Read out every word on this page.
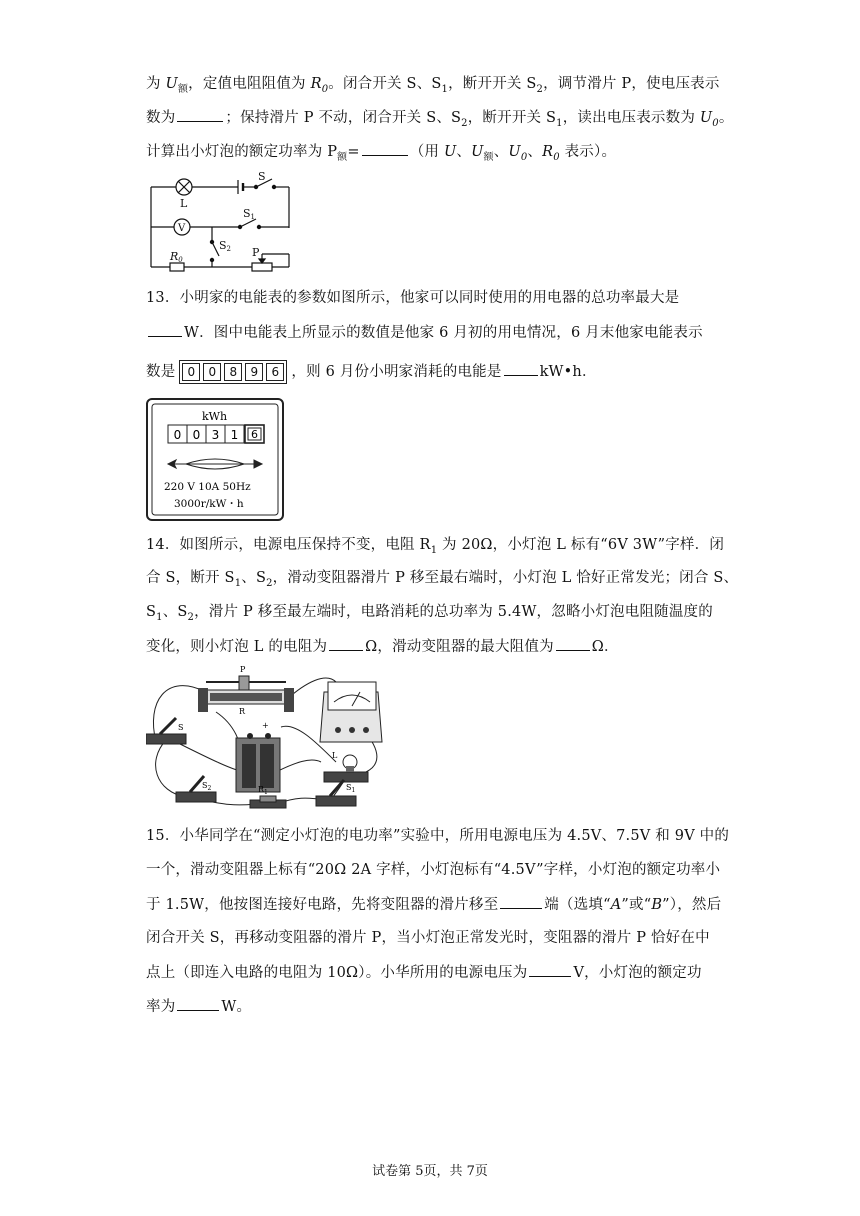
为 $U_额$，定值电阻阻值为 $R_0$。闭合开关 S、$S_1$，断开开关 $S_2$，调节滑片 P，使电压表示
数为	；保持滑片 P 不动，闭合开关 S、$S_2$，断开开关 $S_1$，读出电压表示数为 $U_0$。
计算出小灯泡的额定功率为 $P_额=$	（用 U、$U_额$、$U_0$、$R_0$ 表示）。
L
V
S
S1
S2
R0
P
13．小明家的电能表的参数如图所示，他家可以同时使用的用电器的总功率最大是
W．图中电能表上所显示的数值是他家 6 月初的用电情况，6 月末他家电能表示
数是	0	0	8	9	6 ，则 6 月份小明家消耗的电能是	kW•h．
kWh
0 0 3 1 6
220 V 10A 50Hz
3000r/kW・h
14．如图所示，电源电压保持不变，电阻 $R_1$ 为 20Ω，小灯泡 L 标有“6V 3W”字样．闭
合 S，断开 $S_1$、$S_2$，滑动变阻器滑片 P 移至最右端时，小灯泡 L 恰好正常发光；闭合 S、
$S_1$、$S_2$，滑片 P 移至最左端时，电路消耗的总功率为 5.4W，忽略小灯泡电阻随温度的
变化，则小灯泡 L 的电阻为	Ω，滑动变阻器的最大阻值为	Ω．
P
R
S	+
L
$S_2$	$R_1$
$S_1$
15．小华同学在“测定小灯泡的电功率”实验中，所用电源电压为 4.5V、7.5V 和 9V 中的
一个，滑动变阻器上标有“20Ω 2A 字样，小灯泡标有“4.5V”字样，小灯泡的额定功率小
于 1.5W，他按图连接好电路，先将变阻器的滑片移至	端（选填“A”或“B”），然后
闭合开关 S，再移动变阻器的滑片 P，当小灯泡正常发光时，变阻器的滑片 P 恰好在中
点上（即连入电路的电阻为 10Ω）。小华所用的电源电压为	V，小灯泡的额定功
率为	W。
试卷第 5页，共 7页
